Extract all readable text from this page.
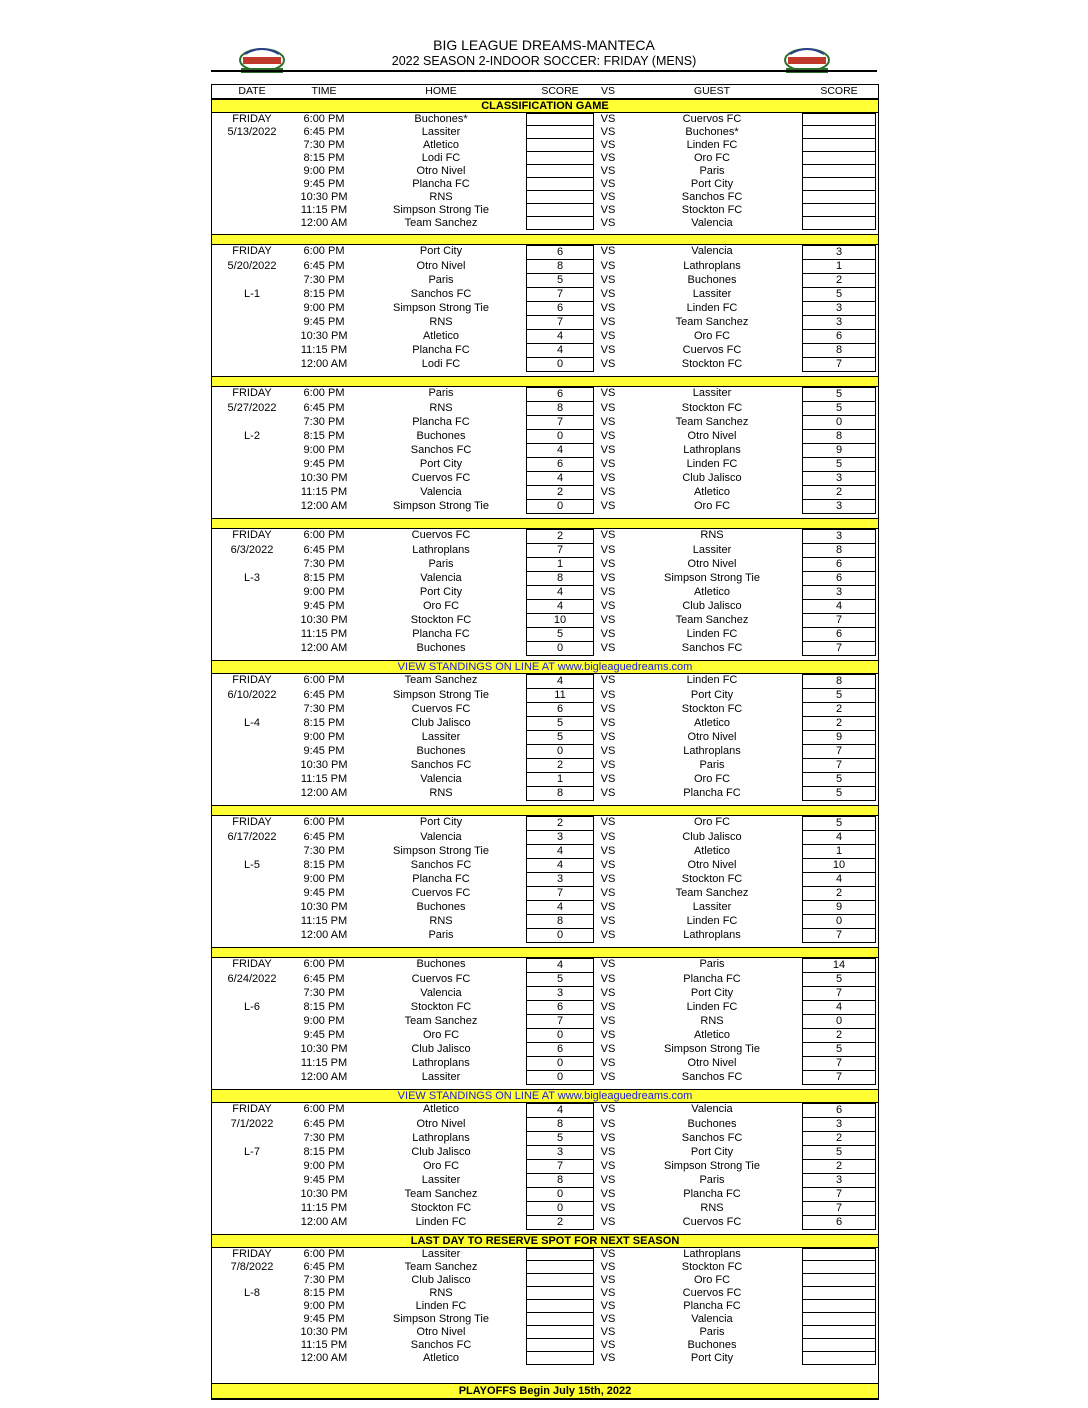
BIG LEAGUE DREAMS-MANTECA
2022 SEASON 2-INDOOR SOCCER: FRIDAY (MENS)
DATE	TIME	HOME	SCORE	VS	GUEST	SCORE
CLASSIFICATION GAME
FRIDAY	6:00 PM	Buchones*	VS	Cuervos FC
5/13/2022	6:45 PM	Lassiter	VS	Buchones*
7:30 PM	Atletico	VS	Linden FC
8:15 PM	Lodi FC	VS	Oro FC
9:00 PM	Otro Nivel	VS	Paris
9:45 PM	Plancha FC	VS	Port City
10:30 PM	RNS	VS	Sanchos FC
11:15 PM	Simpson Strong Tie	VS	Stockton FC
12:00 AM	Team Sanchez	VS	Valencia
FRIDAY	6:00 PM	Port City	6	VS	Valencia	3
5/20/2022	6:45 PM	Otro Nivel	8	VS	Lathroplans	1
7:30 PM	Paris	5	VS	Buchones	2
L-1	8:15 PM	Sanchos FC	7	VS	Lassiter	5
9:00 PM	Simpson Strong Tie	6	VS	Linden FC	3
9:45 PM	RNS	7	VS	Team Sanchez	3
10:30 PM	Atletico	4	VS	Oro FC	6
11:15 PM	Plancha FC	4	VS	Cuervos FC	8
12:00 AM	Lodi FC	0	VS	Stockton FC	7
FRIDAY	6:00 PM	Paris	6	VS	Lassiter	5
5/27/2022	6:45 PM	RNS	8	VS	Stockton FC	5
7:30 PM	Plancha FC	7	VS	Team Sanchez	0
L-2	8:15 PM	Buchones	0	VS	Otro Nivel	8
9:00 PM	Sanchos FC	4	VS	Lathroplans	9
9:45 PM	Port City	6	VS	Linden FC	5
10:30 PM	Cuervos FC	4	VS	Club Jalisco	3
11:15 PM	Valencia	2	VS	Atletico	2
12:00 AM	Simpson Strong Tie	0	VS	Oro FC	3
FRIDAY	6:00 PM	Cuervos FC	2	VS	RNS	3
6/3/2022	6:45 PM	Lathroplans	7	VS	Lassiter	8
7:30 PM	Paris	1	VS	Otro Nivel	6
L-3	8:15 PM	Valencia	8	VS	Simpson Strong Tie	6
9:00 PM	Port City	4	VS	Atletico	3
9:45 PM	Oro FC	4	VS	Club Jalisco	4
10:30 PM	Stockton FC	10	VS	Team Sanchez	7
11:15 PM	Plancha FC	5	VS	Linden FC	6
12:00 AM	Buchones	0	VS	Sanchos FC	7
VIEW STANDINGS ON LINE AT www.bigleaguedreams.com
FRIDAY	6:00 PM	Team Sanchez	4	VS	Linden FC	8
6/10/2022	6:45 PM	Simpson Strong Tie	11	VS	Port City	5
7:30 PM	Cuervos FC	6	VS	Stockton FC	2
L-4	8:15 PM	Club Jalisco	5	VS	Atletico	2
9:00 PM	Lassiter	5	VS	Otro Nivel	9
9:45 PM	Buchones	0	VS	Lathroplans	7
10:30 PM	Sanchos FC	2	VS	Paris	7
11:15 PM	Valencia	1	VS	Oro FC	5
12:00 AM	RNS	8	VS	Plancha FC	5
FRIDAY	6:00 PM	Port City	2	VS	Oro FC	5
6/17/2022	6:45 PM	Valencia	3	VS	Club Jalisco	4
7:30 PM	Simpson Strong Tie	4	VS	Atletico	1
L-5	8:15 PM	Sanchos FC	4	VS	Otro Nivel	10
9:00 PM	Plancha FC	3	VS	Stockton FC	4
9:45 PM	Cuervos FC	7	VS	Team Sanchez	2
10:30 PM	Buchones	4	VS	Lassiter	9
11:15 PM	RNS	8	VS	Linden FC	0
12:00 AM	Paris	0	VS	Lathroplans	7
FRIDAY	6:00 PM	Buchones	4	VS	Paris	14
6/24/2022	6:45 PM	Cuervos FC	5	VS	Plancha FC	5
7:30 PM	Valencia	3	VS	Port City	7
L-6	8:15 PM	Stockton FC	6	VS	Linden FC	4
9:00 PM	Team Sanchez	7	VS	RNS	0
9:45 PM	Oro FC	0	VS	Atletico	2
10:30 PM	Club Jalisco	6	VS	Simpson Strong Tie	5
11:15 PM	Lathroplans	0	VS	Otro Nivel	7
12:00 AM	Lassiter	0	VS	Sanchos FC	7
VIEW STANDINGS ON LINE AT www.bigleaguedreams.com
FRIDAY	6:00 PM	Atletico	4	VS	Valencia	6
7/1/2022	6:45 PM	Otro Nivel	8	VS	Buchones	3
7:30 PM	Lathroplans	5	VS	Sanchos FC	2
L-7	8:15 PM	Club Jalisco	3	VS	Port City	5
9:00 PM	Oro FC	7	VS	Simpson Strong Tie	2
9:45 PM	Lassiter	8	VS	Paris	3
10:30 PM	Team Sanchez	0	VS	Plancha FC	7
11:15 PM	Stockton FC	0	VS	RNS	7
12:00 AM	Linden FC	2	VS	Cuervos FC	6
LAST DAY TO RESERVE SPOT FOR NEXT SEASON
FRIDAY	6:00 PM	Lassiter	VS	Lathroplans
7/8/2022	6:45 PM	Team Sanchez	VS	Stockton FC
7:30 PM	Club Jalisco	VS	Oro FC
L-8	8:15 PM	RNS	VS	Cuervos FC
9:00 PM	Linden FC	VS	Plancha FC
9:45 PM	Simpson Strong Tie	VS	Valencia
10:30 PM	Otro Nivel	VS	Paris
11:15 PM	Sanchos FC	VS	Buchones
12:00 AM	Atletico	VS	Port City
PLAYOFFS Begin July 15th, 2022
